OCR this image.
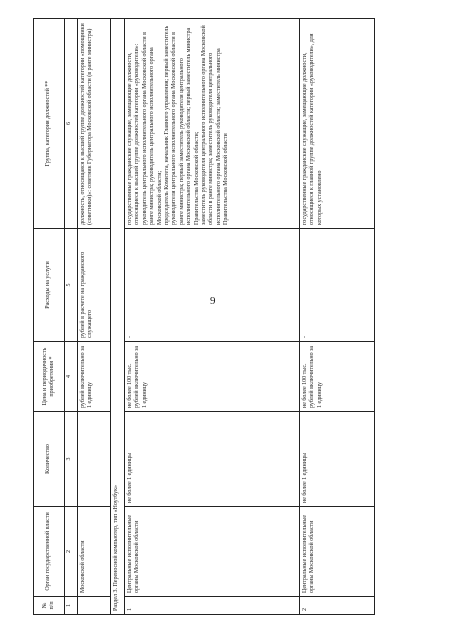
9
№ п/п	Орган государственной власти	Количество	Цена и периодичность приобретения *	Расходы на услуги	Группа, категория должностей **
1	2	3	4	5	6
	Московской области		рублей включительно за 1 единицу	рублей в расчете на гражданского служащего	должность, относящаяся к высшей группе должностей категории «помощники (советники)»: советник Губернатора Московской области (в ранге министра)
Раздел 3. Переносной компьютер, тип «Ноутбук»					
1	Центральные исполнительные органы Московской области	не более 1 единицы	не более 100 тыс. рублей включительно за 1 единицу	-	государственные гражданские служащие, замещающие должности, относящиеся к высшей группе должностей категории «руководители»:
руководитель центрального исполнительного органа Московской области в ранге министра; руководитель центрального исполнительного органа Московской области;
председатель Комитета, начальник Главного управления; первый заместитель руководителя центрального исполнительного органа Московской области в ранге министра; первый заместитель руководителя центрального исполнительного органа Московской области; первый заместитель министра Правительства Московской области;
заместитель руководителя центрального исполнительного органа Московской области в ранге министра; заместитель руководителя центрального исполнительного органа Московской области; заместитель министра Правительства Московской области
2	Центральные исполнительные органы Московской области	не более 1 единицы	не более 100 тыс. рублей включительно за 1 единицу	-	государственные гражданские служащие, замещающие должности, относящиеся к главной группе должностей категории «руководители», для которых установлено
